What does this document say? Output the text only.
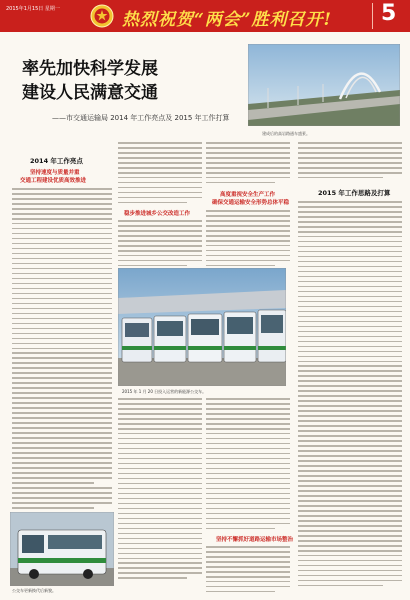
2015年1月15日 星期一
热烈祝贺“两会”胜利召开! 5
率先加快科学发展
建设人民满意交通
——市交通运输局 2014 年工作亮点及 2015 年工作打算
建成后的高岩路通车盛景。
2014 年工作亮点
坚持速度与质量并重
交通工程建设优质高效推进
稳步推进城乡公交改造工作
高度重视安全生产工作
确保交通运输安全形势总体平稳
2015 年 1 月 20 日投入运营的新能源公交车。
坚持不懈抓好道路运输市场整治
2015 年工作思路及打算
公交车更新换代后新貌。
